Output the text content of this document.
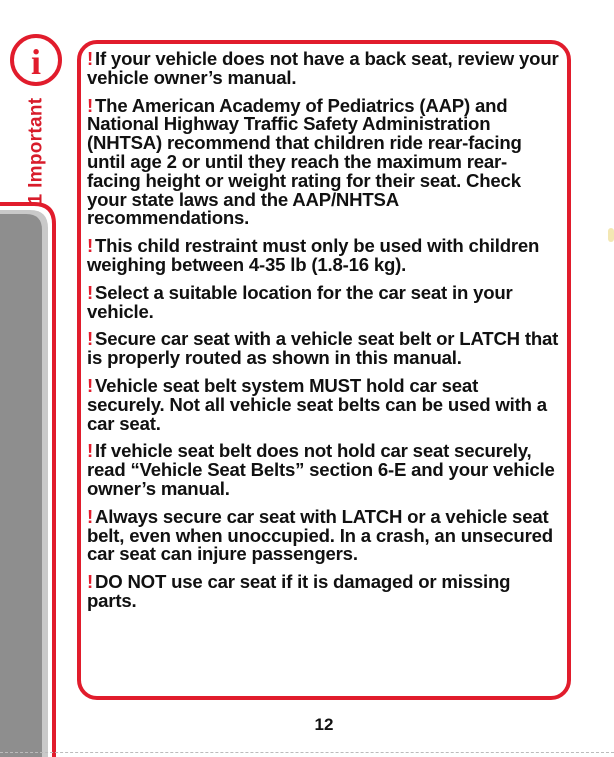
i
1 Important
! If your vehicle does not have a back seat, review your vehicle owner’s manual.
! The American Academy of Pediatrics (AAP) and National Highway Traffic Safety Administration (NHTSA) recommend that children ride rear-facing until age 2 or until they reach the maximum rear-facing height or weight rating for their seat. Check your state laws and the AAP/NHTSA recommendations.
! This child restraint must only be used with children weighing between 4-35 lb (1.8-16 kg).
! Select a suitable location for the car seat in your vehicle.
! Secure car seat with a vehicle seat belt or LATCH that is properly routed as shown in this manual.
! Vehicle seat belt system MUST hold car seat securely. Not all vehicle seat belts can be used with a car seat.
! If vehicle seat belt does not hold car seat securely, read “Vehicle Seat Belts” section 6-E and your vehicle owner’s manual.
! Always secure car seat with LATCH or a vehicle seat belt, even when unoccupied. In a crash, an unsecured car seat can injure passengers.
! DO NOT use car seat if it is damaged or missing parts.
12
